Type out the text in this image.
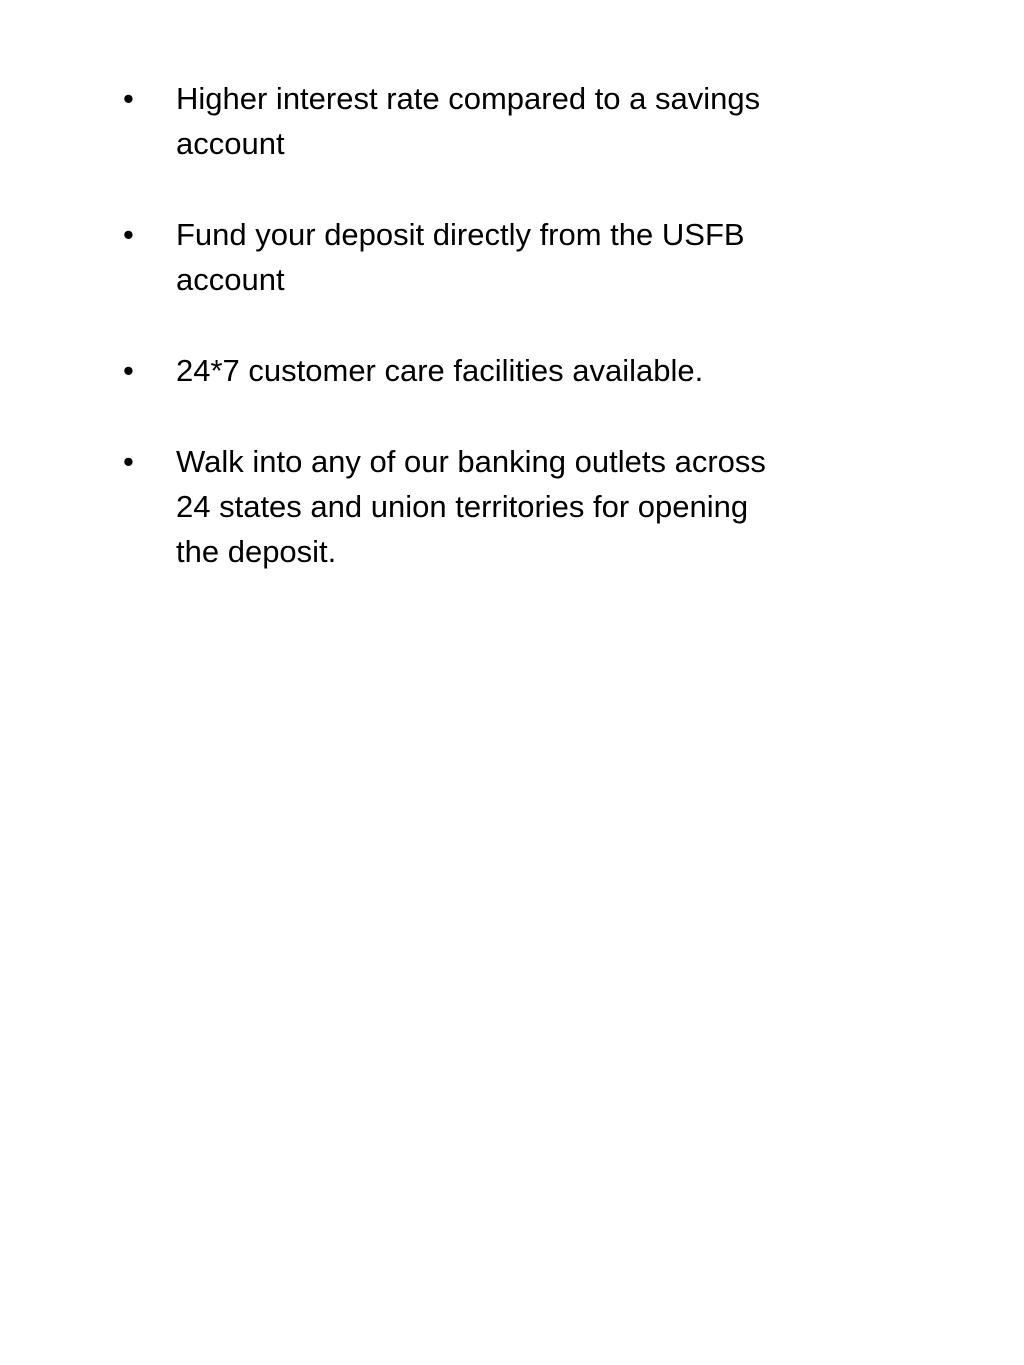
• Higher interest rate compared to a savings
account
• Fund your deposit directly from the USFB
account
• 24*7 customer care facilities available.
• Walk into any of our banking outlets across
24 states and union territories for opening
the deposit.
